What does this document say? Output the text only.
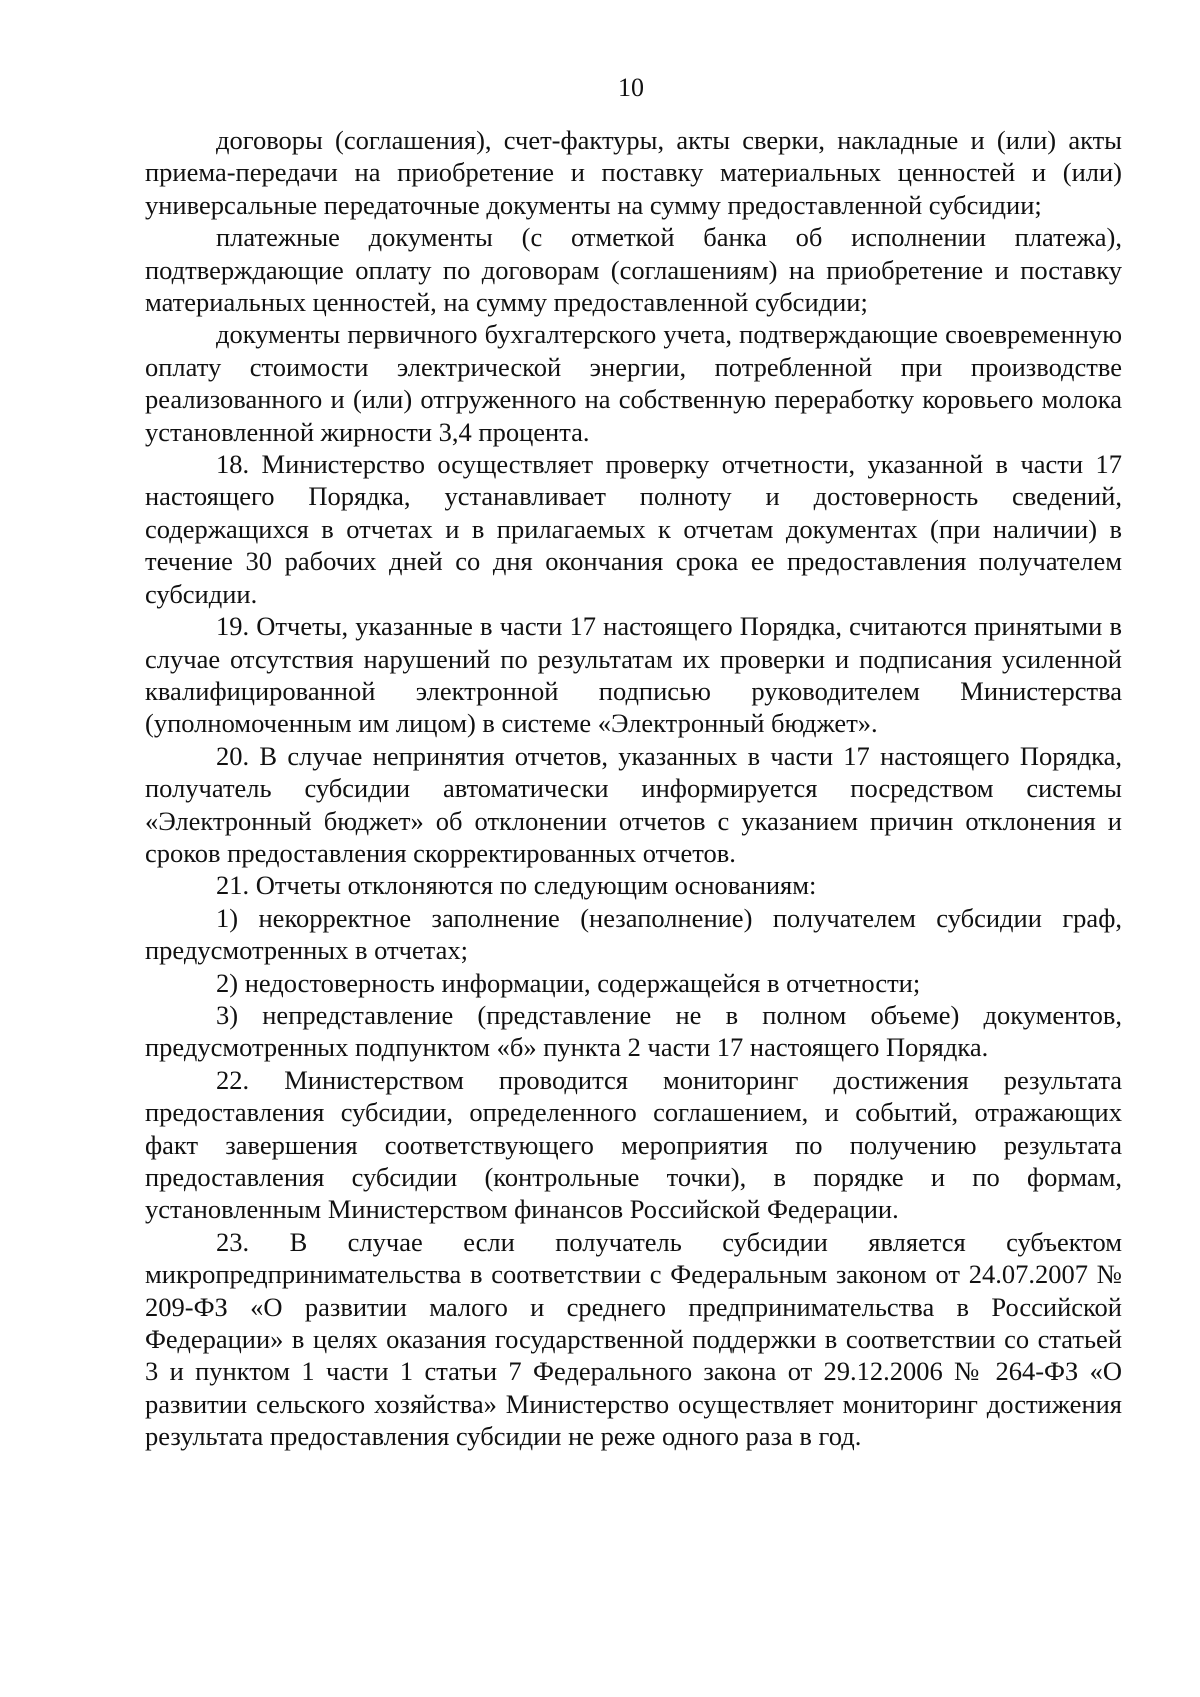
10

договоры (соглашения), счет-фактуры, акты сверки, накладные и (или) акты приема-передачи на приобретение и поставку материальных ценностей и (или) универсальные передаточные документы на сумму предоставленной субсидии;

платежные документы (с отметкой банка об исполнении платежа), подтверждающие оплату по договорам (соглашениям) на приобретение и поставку материальных ценностей, на сумму предоставленной субсидии;

документы первичного бухгалтерского учета, подтверждающие своевременную оплату стоимости электрической энергии, потребленной при производстве реализованного и (или) отгруженного на собственную переработку коровьего молока установленной жирности 3,4 процента.

18. Министерство осуществляет проверку отчетности, указанной в части 17 настоящего Порядка, устанавливает полноту и достоверность сведений, содержащихся в отчетах и в прилагаемых к отчетам документах (при наличии) в течение 30 рабочих дней со дня окончания срока ее предоставления получателем субсидии.

19. Отчеты, указанные в части 17 настоящего Порядка, считаются принятыми в случае отсутствия нарушений по результатам их проверки и подписания усиленной квалифицированной электронной подписью руководителем Министерства (уполномоченным им лицом) в системе «Электронный бюджет».

20. В случае непринятия отчетов, указанных в части 17 настоящего Порядка, получатель субсидии автоматически информируется посредством системы «Электронный бюджет» об отклонении отчетов с указанием причин отклонения и сроков предоставления скорректированных отчетов.

21. Отчеты отклоняются по следующим основаниям:

1) некорректное заполнение (незаполнение) получателем субсидии граф, предусмотренных в отчетах;

2) недостоверность информации, содержащейся в отчетности;

3) непредставление (представление не в полном объеме) документов, предусмотренных подпунктом «б» пункта 2 части 17 настоящего Порядка.

22. Министерством проводится мониторинг достижения результата предоставления субсидии, определенного соглашением, и событий, отражающих факт завершения соответствующего мероприятия по получению результата предоставления субсидии (контрольные точки), в порядке и по формам, установленным Министерством финансов Российской Федерации.

23. В случае если получатель субсидии является субъектом микропредпринимательства в соответствии с Федеральным законом от 24.07.2007 № 209-ФЗ «О развитии малого и среднего предпринимательства в Российской Федерации» в целях оказания государственной поддержки в соответствии со статьей 3 и пунктом 1 части 1 статьи 7 Федерального закона от 29.12.2006 № 264-ФЗ «О развитии сельского хозяйства» Министерство осуществляет мониторинг достижения результата предоставления субсидии не реже одного раза в год.
